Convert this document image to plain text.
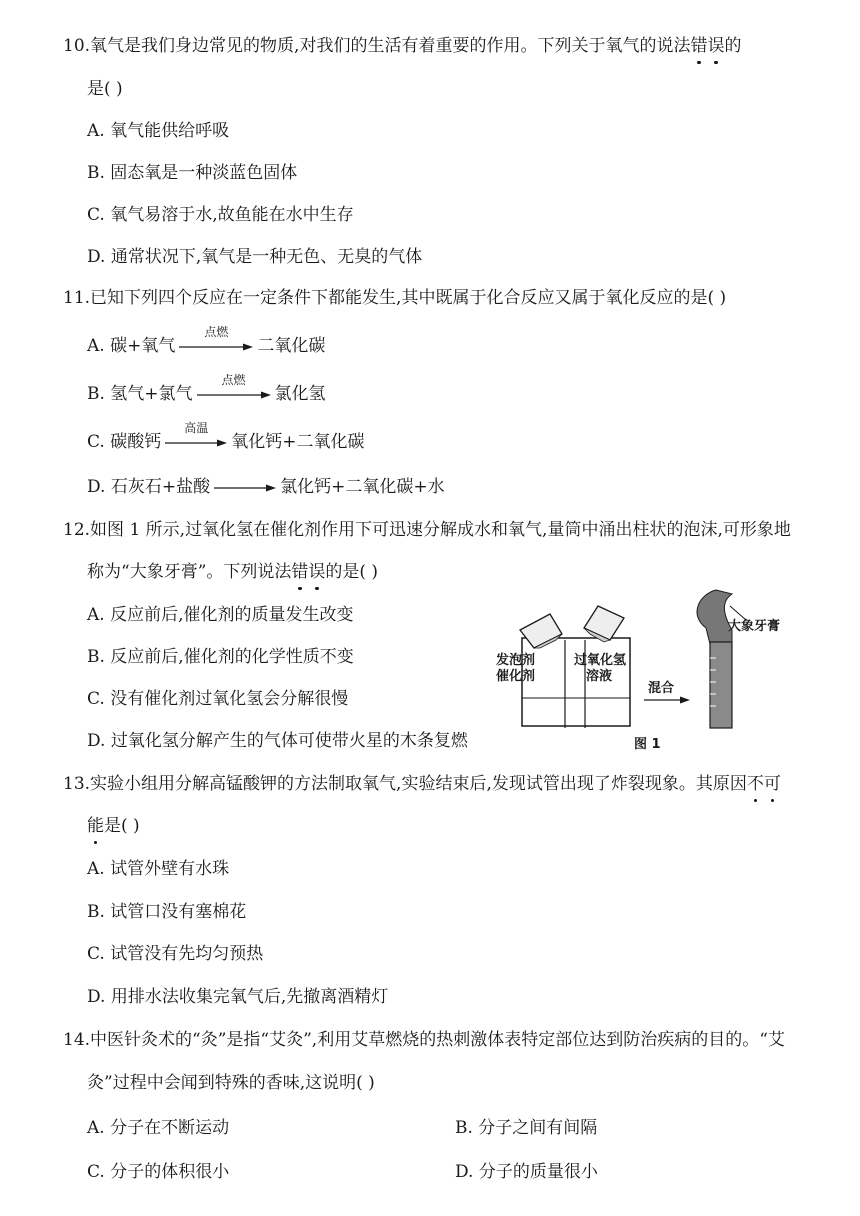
10.氧气是我们身边常见的物质,对我们的生活有着重要的作用。下列关于氧气的说法错误的
是( )
A. 氧气能供给呼吸
B. 固态氧是一种淡蓝色固体
C. 氧气易溶于水,故鱼能在水中生存
D. 通常状况下,氧气是一种无色、无臭的气体
11.已知下列四个反应在一定条件下都能发生,其中既属于化合反应又属于氧化反应的是( )
A. 碳+氧气
点燃
二氧化碳
B. 氢气+氯气
点燃
氯化氢
C. 碳酸钙
高温
氧化钙+二氧化碳
D. 石灰石+盐酸 → 氯化钙+二氧化碳+水
12.如图 1 所示,过氧化氢在催化剂作用下可迅速分解成水和氧气,量筒中涌出柱状的泡沫,可形象地
称为“大象牙膏”。下列说法错误的是( )
A. 反应前后,催化剂的质量发生改变
B. 反应前后,催化剂的化学性质不变
C. 没有催化剂过氧化氢会分解很慢
D. 过氧化氢分解产生的气体可使带火星的木条复燃
发泡剂
催化剂
过氧化氢
溶液
混合
大象牙膏
图 1
13.实验小组用分解高锰酸钾的方法制取氧气,实验结束后,发现试管出现了炸裂现象。其原因不可
能是( )
A. 试管外壁有水珠
B. 试管口没有塞棉花
C. 试管没有先均匀预热
D. 用排水法收集完氧气后,先撤离酒精灯
14.中医针灸术的“灸”是指“艾灸”,利用艾草燃烧的热刺激体表特定部位达到防治疾病的目的。“艾
灸”过程中会闻到特殊的香味,这说明( )
A. 分子在不断运动	B. 分子之间有间隔
C. 分子的体积很小	D. 分子的质量很小
